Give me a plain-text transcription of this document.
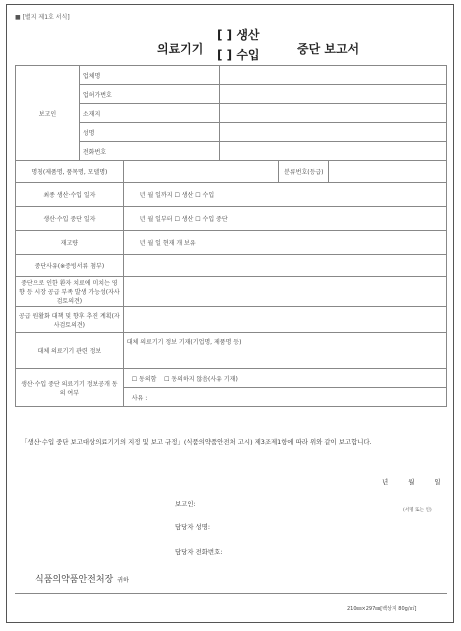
■ [별지 제1호 서식]
의료기기
[ ] 생산
[ ] 수입	중단 보고서
보고인	업체명				
	업허가번호				
	소재지				
	성명				
	전화번호				
명칭(제품명, 품목명, 모델명)				분류번호(등급)	
최종 생산·수입 일자		년 월 일까지 ☐ 생산 ☐ 수입			
생산·수입 중단 일자		년 월 일부터 ☐ 생산 ☐ 수입 중단			
재고량		년 월 일 현재 개 보유			
중단사유(※증빙서류 첨부)					
중단으로 인한 환자 치료에 미치는 영향 등 시장 공급 부족 발생 가능성(자사검토의견)					
공급 원활화 대책 및 향후 추진 계획(자사검토의견)					
대체 의료기기 관련 정보		대체 의료기기 정보 기재(기업명, 제품명 등)			
생산·수입 중단 의료기기 정보공개 동의 여부		☐ 동의함 ☐ 동의하지 않음(사유 기재)			
		사유 :			
「생산·수입 중단 보고대상의료기기의 지정 및 보고 규정」(식품의약품안전처 고시) 제3조제1항에 따라 위와 같이 보고합니다.
년 월 일
보고인:
(서명 또는 인)
담당자 성명:
담당자 전화번호:
식품의약품안전처장 귀하
210㎜×297㎜[백상지 80g/㎡]
